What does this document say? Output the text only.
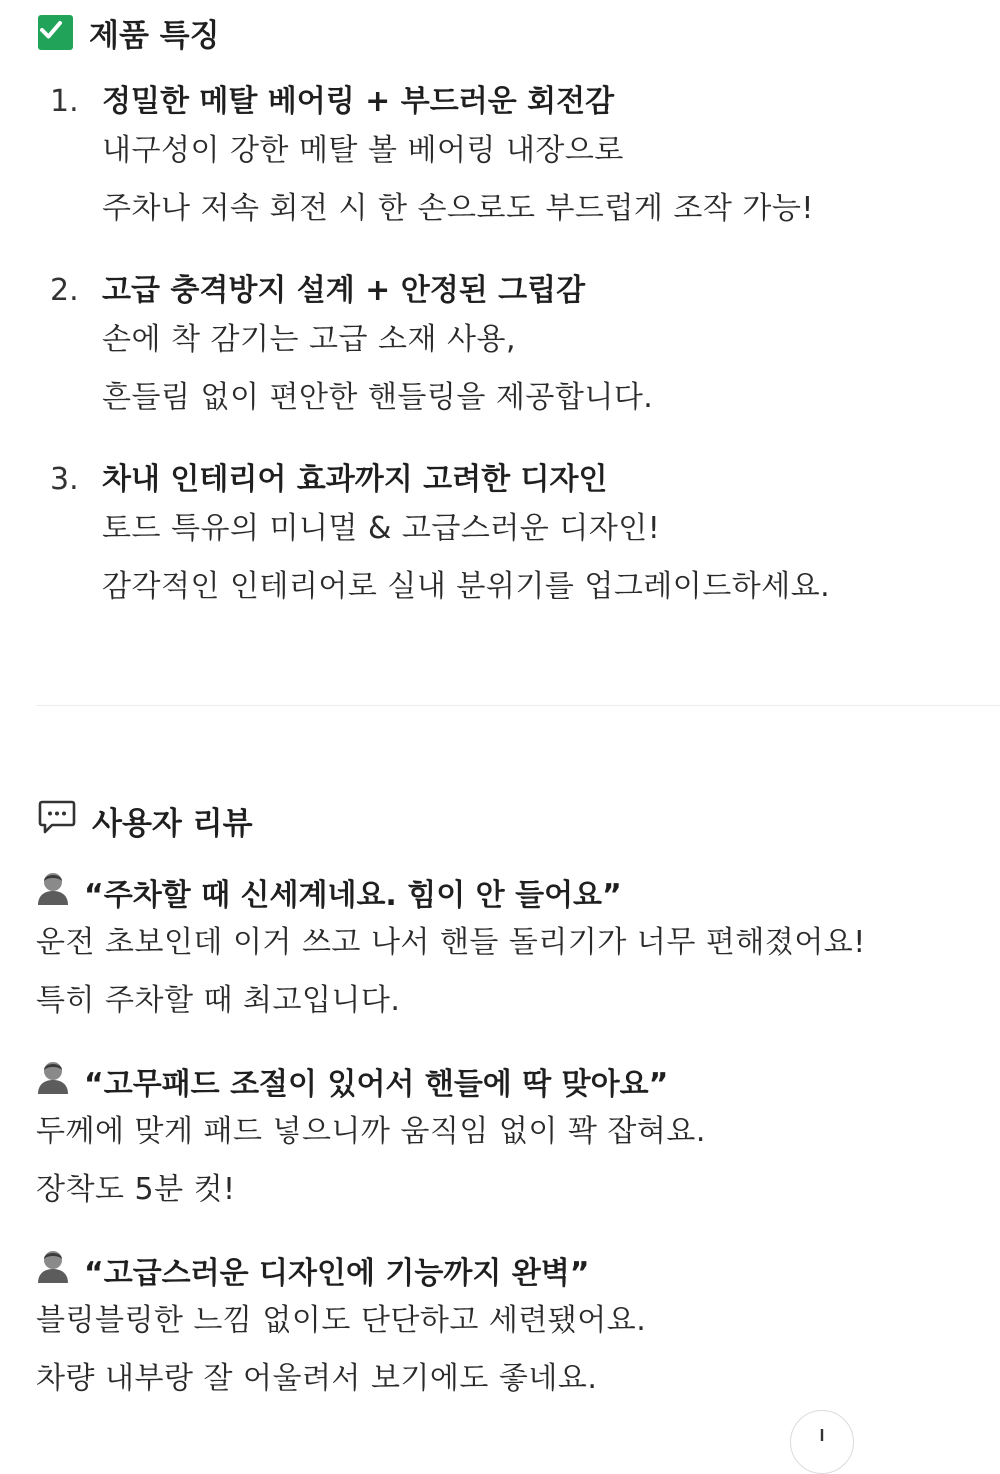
제품 특징
1. 정밀한 메탈 베어링 + 부드러운 회전감
내구성이 강한 메탈 볼 베어링 내장으로
주차나 저속 회전 시 한 손으로도 부드럽게 조작 가능!
2. 고급 충격방지 설계 + 안정된 그립감
손에 착 감기는 고급 소재 사용,
흔들림 없이 편안한 핸들링을 제공합니다.
3. 차내 인테리어 효과까지 고려한 디자인
토드 특유의 미니멀 & 고급스러운 디자인!
감각적인 인테리어로 실내 분위기를 업그레이드하세요.
사용자 리뷰
“주차할 때 신세계네요. 힘이 안 들어요”
운전 초보인데 이거 쓰고 나서 핸들 돌리기가 너무 편해졌어요!
특히 주차할 때 최고입니다.
“고무패드 조절이 있어서 핸들에 딱 맞아요”
두께에 맞게 패드 넣으니까 움직임 없이 꽉 잡혀요.
장착도 5분 컷!
“고급스러운 디자인에 기능까지 완벽”
블링블링한 느낌 없이도 단단하고 세련됐어요.
차량 내부랑 잘 어울려서 보기에도 좋네요.
